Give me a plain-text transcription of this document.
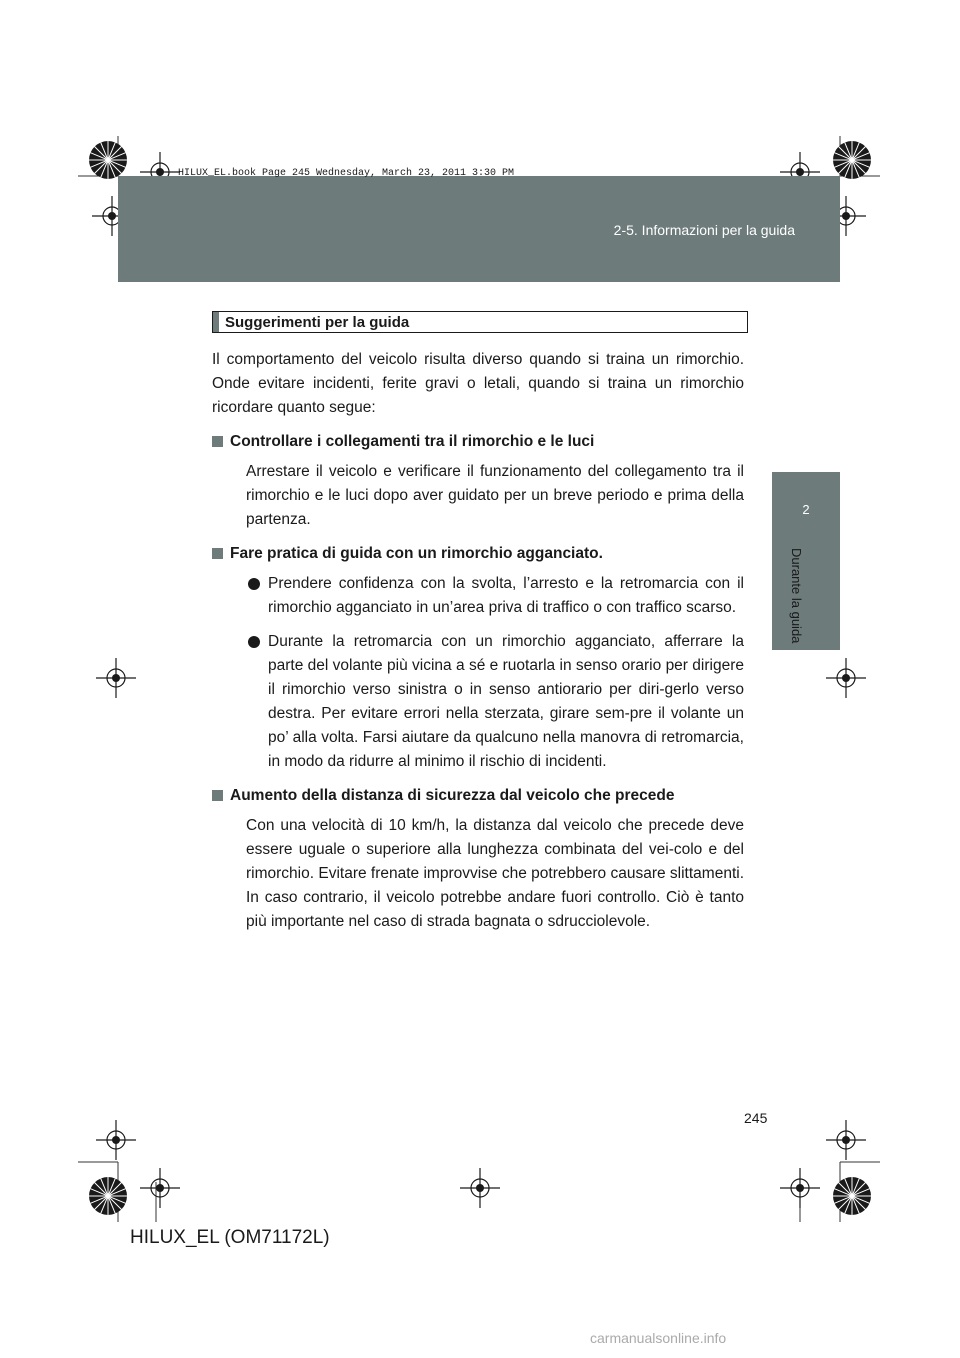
HILUX_EL.book Page 245 Wednesday, March 23, 2011 3:30 PM
2-5. Informazioni per la guida
2
Durante la guida
Suggerimenti per la guida

Il comportamento del veicolo risulta diverso quando si traina un rimorchio. Onde evitare incidenti, ferite gravi o letali, quando si traina un rimorchio ricordare quanto segue:

Controllare i collegamenti tra il rimorchio e le luci

Arrestare il veicolo e verificare il funzionamento del collegamento tra il rimorchio e le luci dopo aver guidato per un breve periodo e prima della partenza.

Fare pratica di guida con un rimorchio agganciato.
Prendere confidenza con la svolta, l’arresto e la retromarcia con il rimorchio agganciato in un’area priva di traffico o con traffico scarso.
Durante la retromarcia con un rimorchio agganciato, afferrare la parte del volante più vicina a sé e ruotarla in senso orario per dirigere il rimorchio verso sinistra o in senso antiorario per diri-gerlo verso destra. Per evitare errori nella sterzata, girare sem-pre il volante un po’ alla volta. Farsi aiutare da qualcuno nella manovra di retromarcia, in modo da ridurre al minimo il rischio di incidenti.
Aumento della distanza di sicurezza dal veicolo che precede

Con una velocità di 10 km/h, la distanza dal veicolo che precede deve essere uguale o superiore alla lunghezza combinata del vei-colo e del rimorchio. Evitare frenate improvvise che potrebbero causare slittamenti. In caso contrario, il veicolo potrebbe andare fuori controllo. Ciò è tanto più importante nel caso di strada bagnata o sdrucciolevole.

245
HILUX_EL (OM71172L)
carmanualsonline.info
